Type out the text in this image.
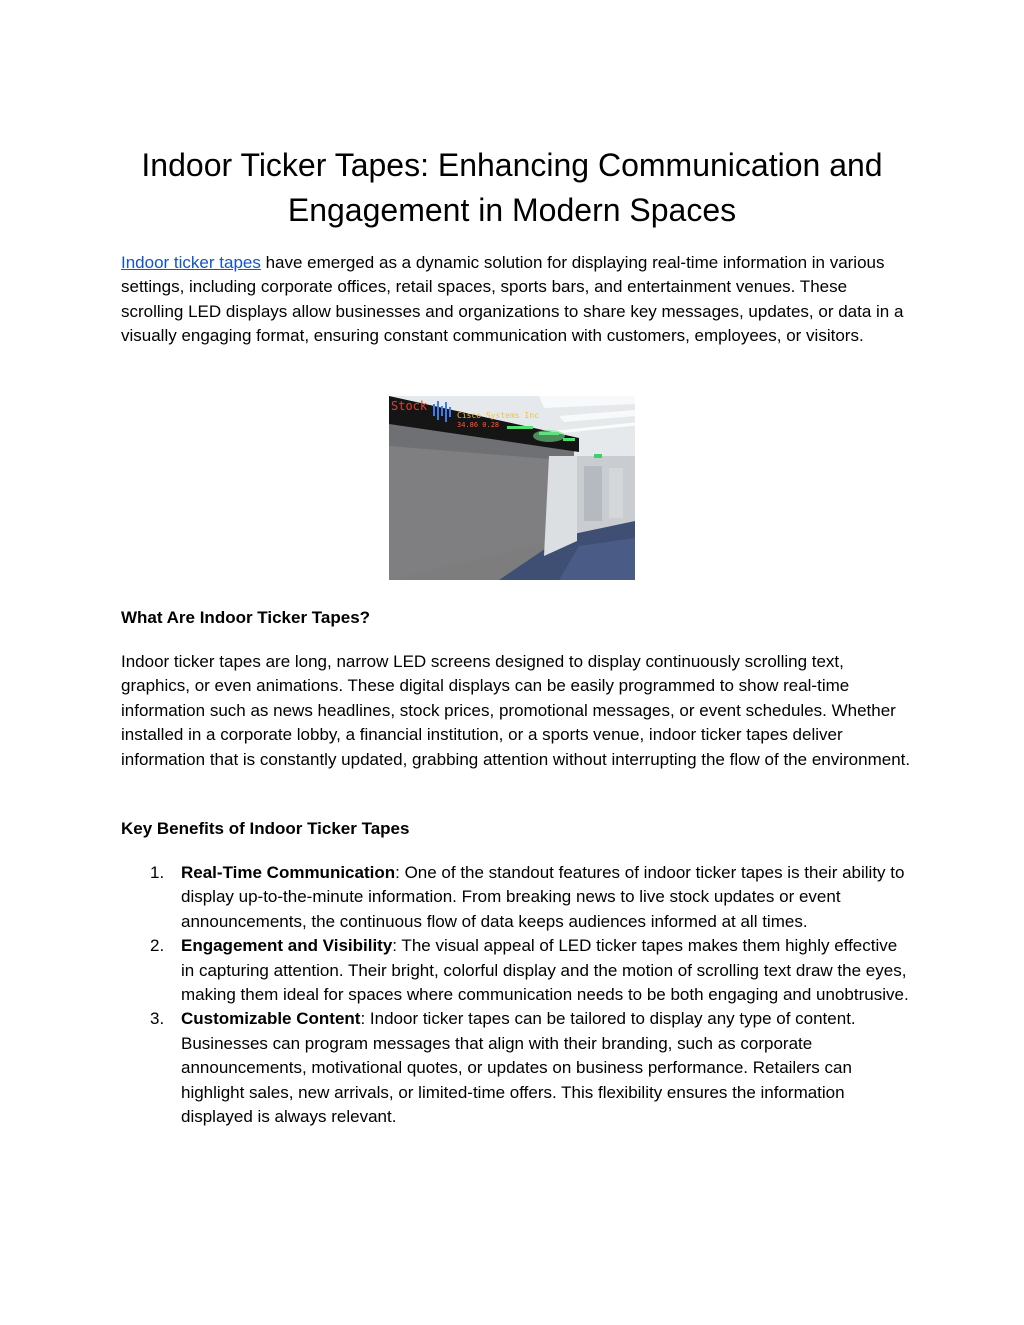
Indoor Ticker Tapes: Enhancing Communication and Engagement in Modern Spaces

Indoor ticker tapes have emerged as a dynamic solution for displaying real-time information in various settings, including corporate offices, retail spaces, sports bars, and entertainment venues. These scrolling LED displays allow businesses and organizations to share key messages, updates, or data in a visually engaging format, ensuring constant communication with customers, employees, or visitors.

Stock
Cisco Systems Inc
34.86 0.28
What Are Indoor Ticker Tapes?

Indoor ticker tapes are long, narrow LED screens designed to display continuously scrolling text, graphics, or even animations. These digital displays can be easily programmed to show real-time information such as news headlines, stock prices, promotional messages, or event schedules. Whether installed in a corporate lobby, a financial institution, or a sports venue, indoor ticker tapes deliver information that is constantly updated, grabbing attention without interrupting the flow of the environment.

Key Benefits of Indoor Ticker Tapes
1. Real-Time Communication: One of the standout features of indoor ticker tapes is their ability to display up-to-the-minute information. From breaking news to live stock updates or event announcements, the continuous flow of data keeps audiences informed at all times.
2. Engagement and Visibility: The visual appeal of LED ticker tapes makes them highly effective in capturing attention. Their bright, colorful display and the motion of scrolling text draw the eyes, making them ideal for spaces where communication needs to be both engaging and unobtrusive.
3. Customizable Content: Indoor ticker tapes can be tailored to display any type of content. Businesses can program messages that align with their branding, such as corporate announcements, motivational quotes, or updates on business performance. Retailers can highlight sales, new arrivals, or limited-time offers. This flexibility ensures the information displayed is always relevant.
